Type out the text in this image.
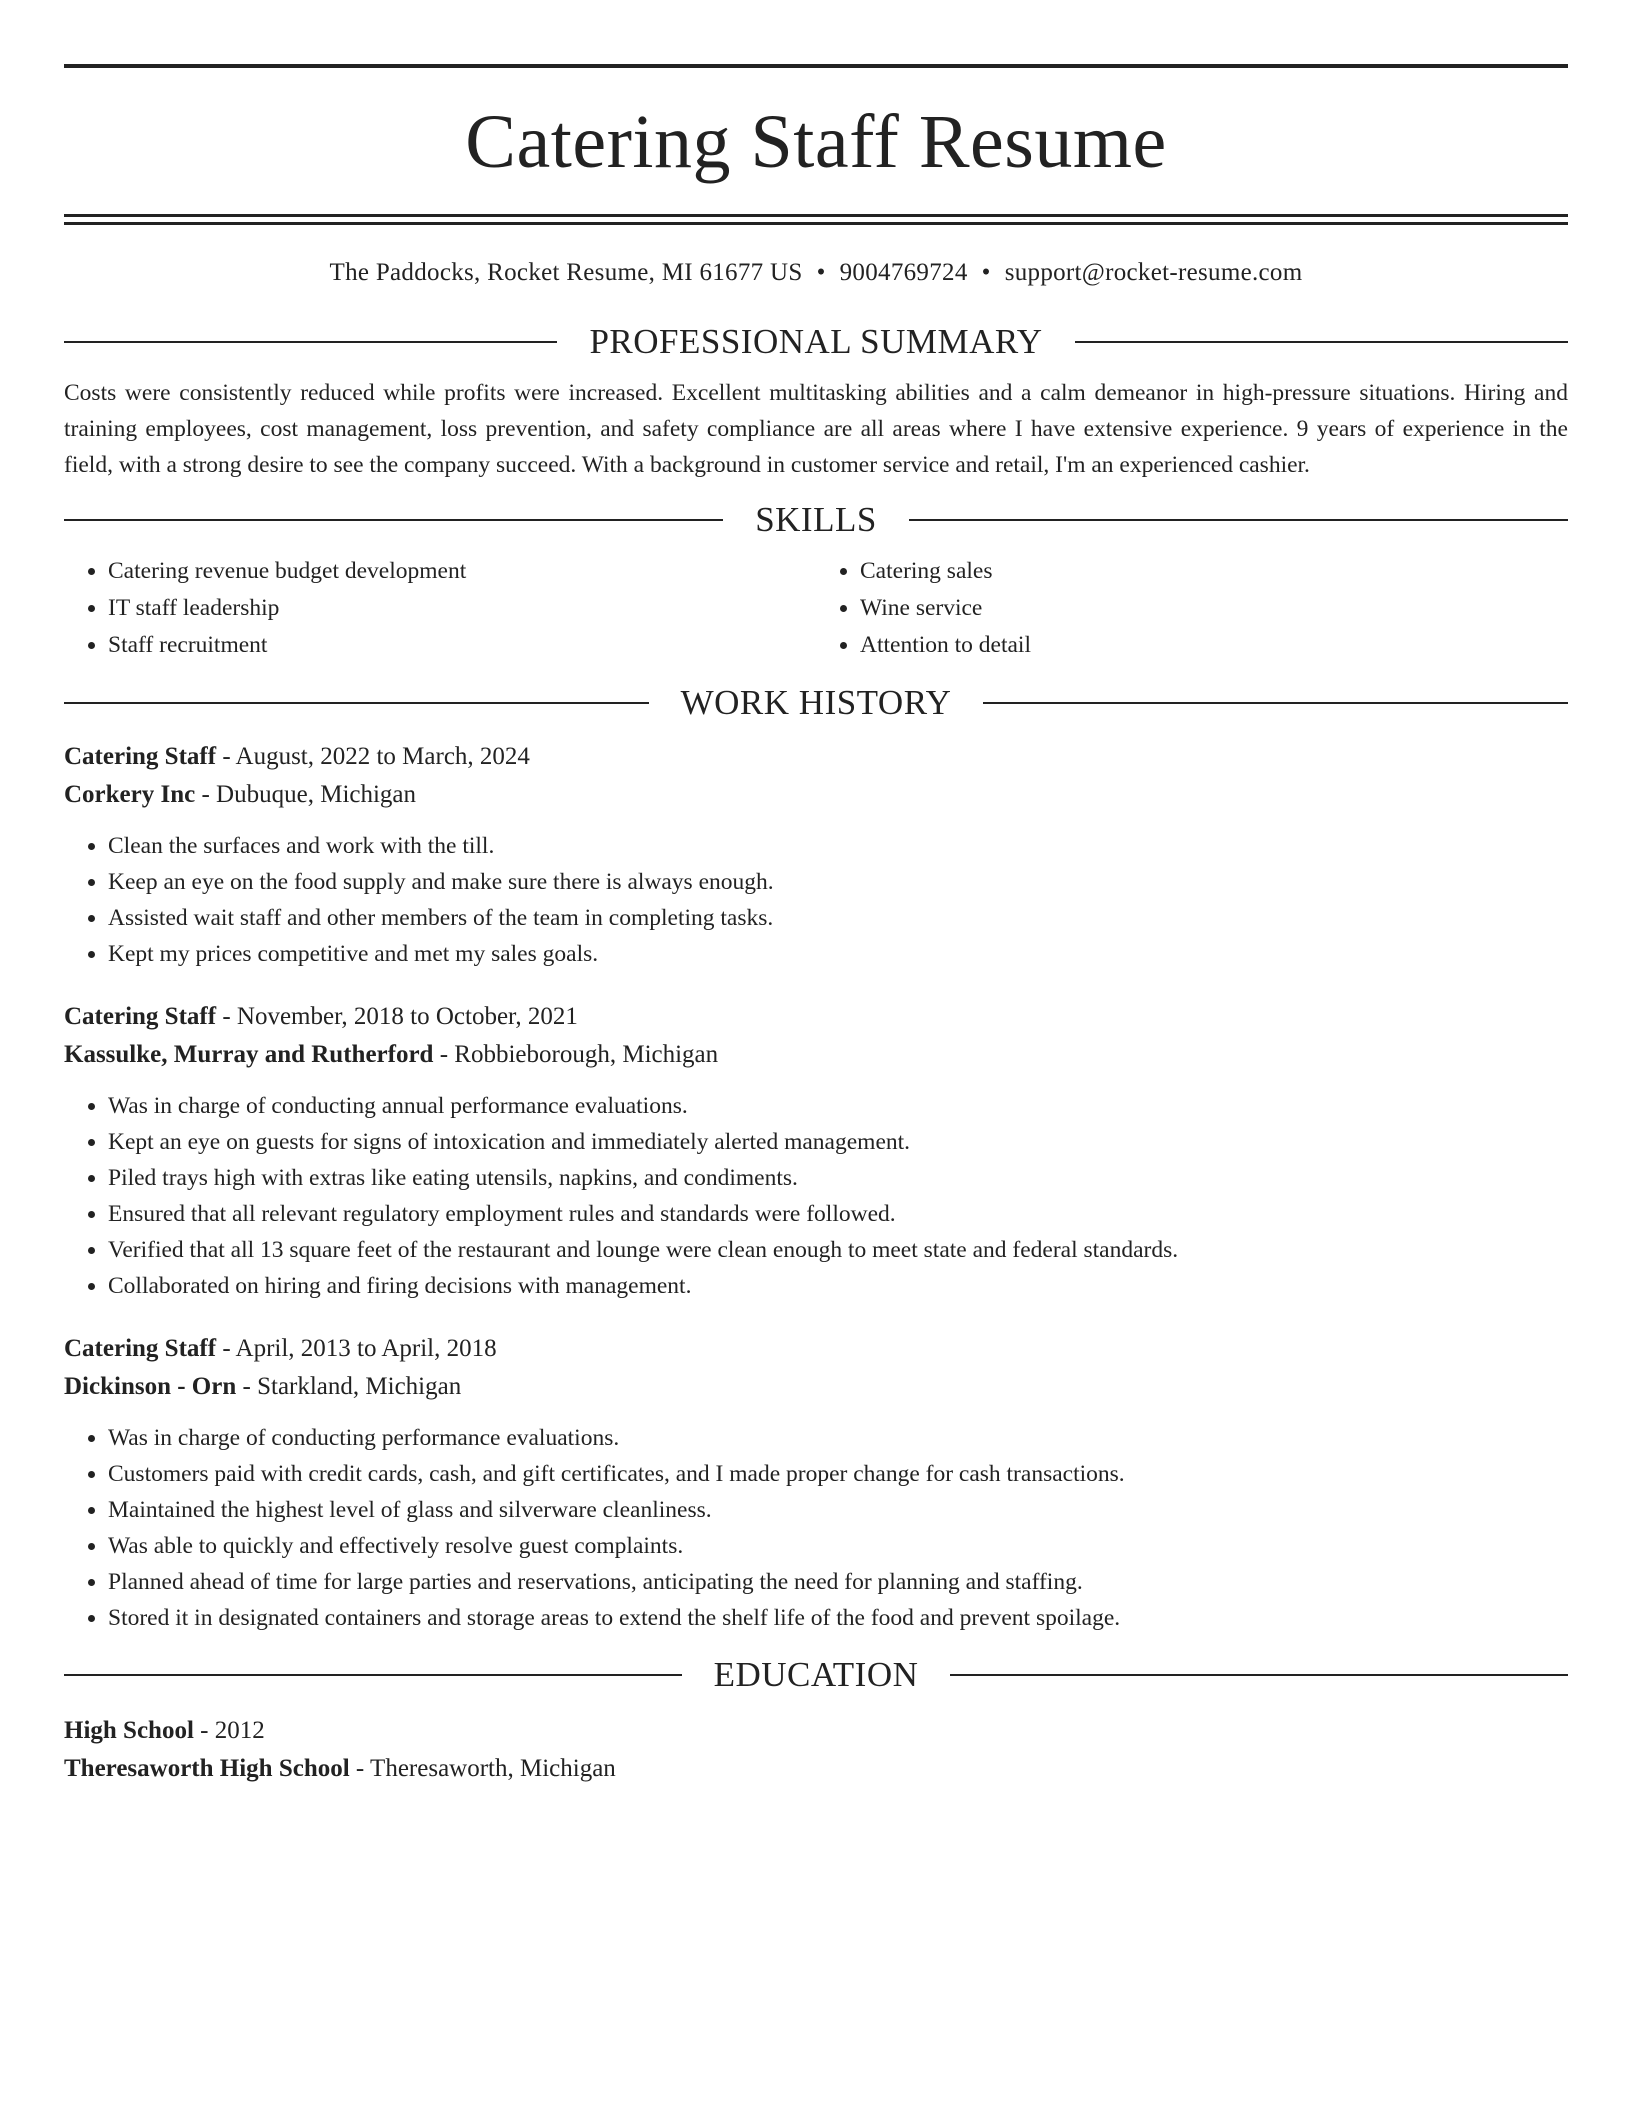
Catering Staff Resume
The Paddocks, Rocket Resume, MI 61677 US • 9004769724 • support@rocket-resume.com
PROFESSIONAL SUMMARY

Costs were consistently reduced while profits were increased. Excellent multitasking abilities and a calm demeanor in high-pressure situations. Hiring and training employees, cost management, loss prevention, and safety compliance are all areas where I have extensive experience. 9 years of experience in the field, with a strong desire to see the company succeed. With a background in customer service and retail, I'm an experienced cashier.

SKILLS
• Catering revenue budget development
• IT staff leadership
• Staff recruitment
• Catering sales
• Wine service
• Attention to detail
WORK HISTORY
Catering Staff - August, 2022 to March, 2024
Corkery Inc - Dubuque, Michigan
• Clean the surfaces and work with the till.
• Keep an eye on the food supply and make sure there is always enough.
• Assisted wait staff and other members of the team in completing tasks.
• Kept my prices competitive and met my sales goals.
Catering Staff - November, 2018 to October, 2021
Kassulke, Murray and Rutherford - Robbieborough, Michigan
• Was in charge of conducting annual performance evaluations.
• Kept an eye on guests for signs of intoxication and immediately alerted management.
• Piled trays high with extras like eating utensils, napkins, and condiments.
• Ensured that all relevant regulatory employment rules and standards were followed.
• Verified that all 13 square feet of the restaurant and lounge were clean enough to meet state and federal standards.
• Collaborated on hiring and firing decisions with management.
Catering Staff - April, 2013 to April, 2018
Dickinson - Orn - Starkland, Michigan
• Was in charge of conducting performance evaluations.
• Customers paid with credit cards, cash, and gift certificates, and I made proper change for cash transactions.
• Maintained the highest level of glass and silverware cleanliness.
• Was able to quickly and effectively resolve guest complaints.
• Planned ahead of time for large parties and reservations, anticipating the need for planning and staffing.
• Stored it in designated containers and storage areas to extend the shelf life of the food and prevent spoilage.
EDUCATION
High School - 2012
Theresaworth High School - Theresaworth, Michigan
